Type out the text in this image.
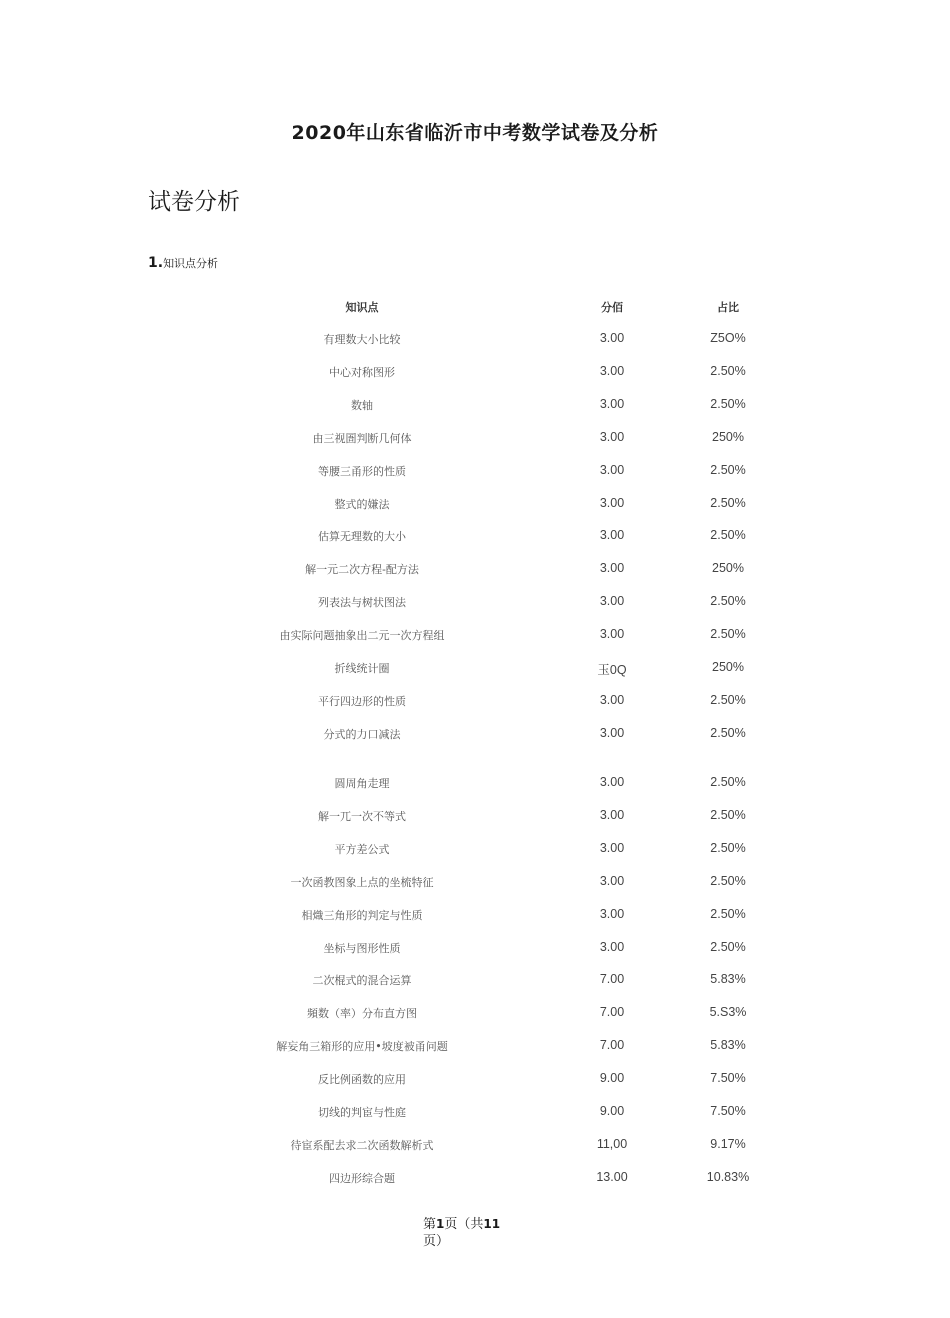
2020年山东省临沂市中考数学试卷及分析
试卷分析
1.知识点分析
知识点	分佰	占比
有理数大小比较	3.00	Z5O%
中心对称图形	3.00	2.50%
数轴	3.00	2.50%
由三视圄判断几何体	3.00	250%
等腰三甬形的性质	3.00	2.50%
整式的嫌法	3.00	2.50%
估算无理数的大小	3.00	2.50%
解一元二次方程-配方法	3.00	250%
列表法与树状图法	3.00	2.50%
由实际问题抽象出二元一次方程组	3.00	2.50%
折线统计圈	玉0Q	250%
平行四边形的性质	3.00	2.50%
分式的力口减法	3.00	2.50%
圆周角走理	3.00	2.50%
解一兀一次不等式	3.00	2.50%
平方差公式	3.00	2.50%
一次函教图象上点的坐梳特征	3.00	2.50%
相熾三角形的判定与性质	3.00	2.50%
坐标与图形性质	3.00	2.50%
二次棍式的混合运算	7.00	5.83%
頻数（率）分布直方图	7.00	5.S3%
解妄角三箱形的应用•坡度被甬问题	7.00	5.83%
反比例函数的应用	9.00	7.50%
切线的判宦与性庭	9.00	7.50%
待宦系配去求二次函数解析式	11,00	9.17%
四边形综合题	13.00	10.83%
第1页（共11
页）
